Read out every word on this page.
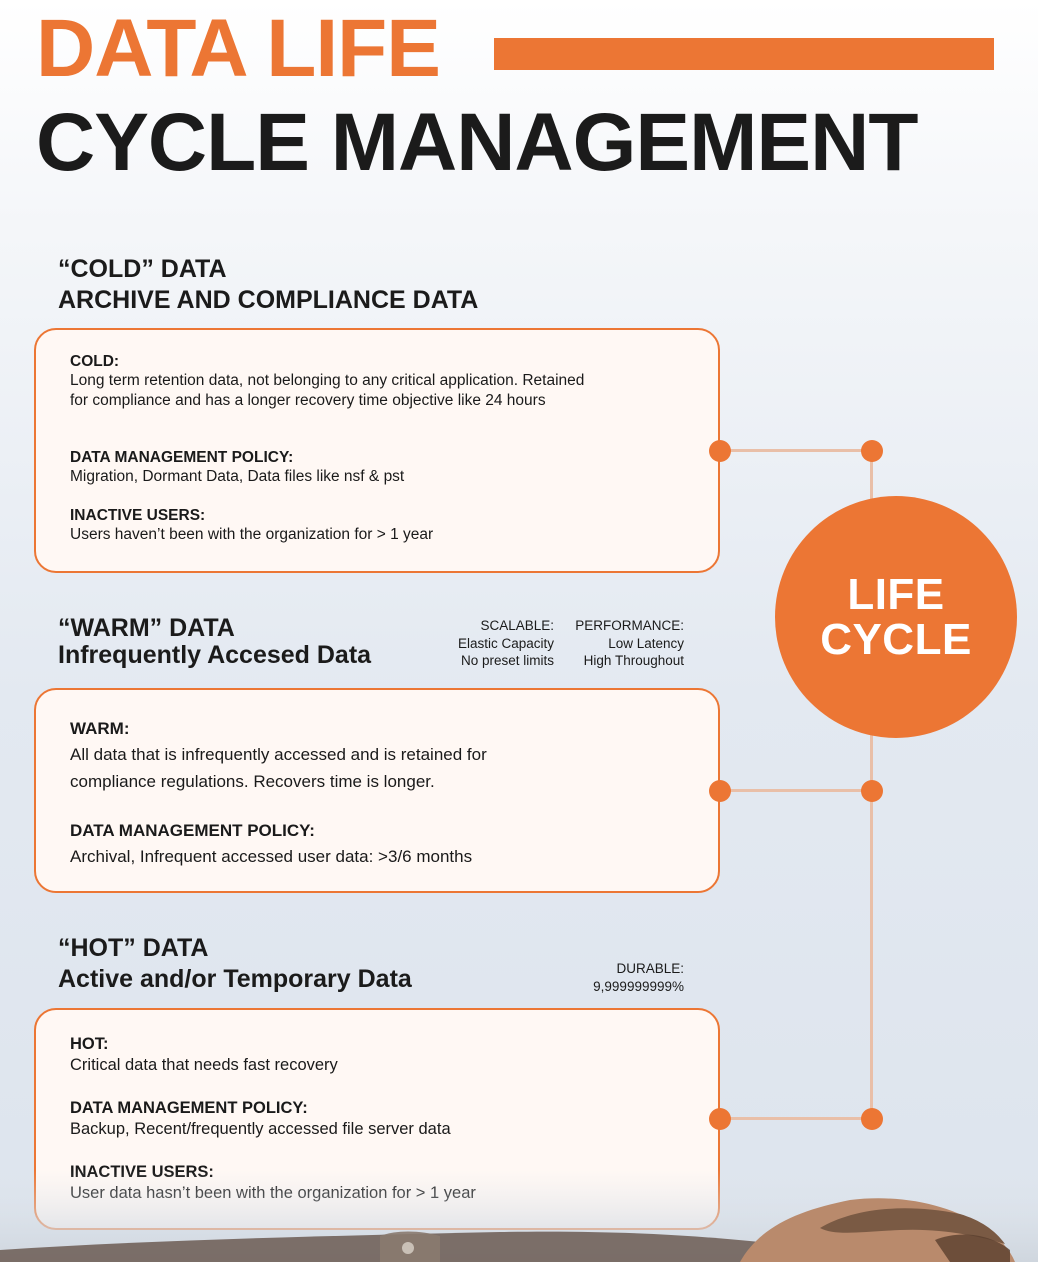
DATA LIFE
CYCLE MANAGEMENT
“COLD” DATA
ARCHIVE AND COMPLIANCE DATA
COLD:
Long term retention data, not belonging to any critical application. Retained for compliance and has a longer recovery time objective like 24 hours
DATA MANAGEMENT POLICY:
Migration, Dormant Data, Data files like nsf & pst
INACTIVE USERS:
Users haven’t been with the organization for > 1 year
LIFE
CYCLE
“WARM” DATA
Infrequently Accesed Data
SCALABLE:
Elastic Capacity
No preset limits
PERFORMANCE:
Low Latency
High Throughout
WARM:
All data that is infrequently accessed and is retained for compliance regulations. Recovers time is longer.
DATA MANAGEMENT POLICY:
Archival, Infrequent accessed user data: >3/6 months
“HOT” DATA
Active and/or Temporary Data	DURABLE:
9,999999999%
HOT:
Critical data that needs fast recovery
DATA MANAGEMENT POLICY:
Backup, Recent/frequently accessed file server data
